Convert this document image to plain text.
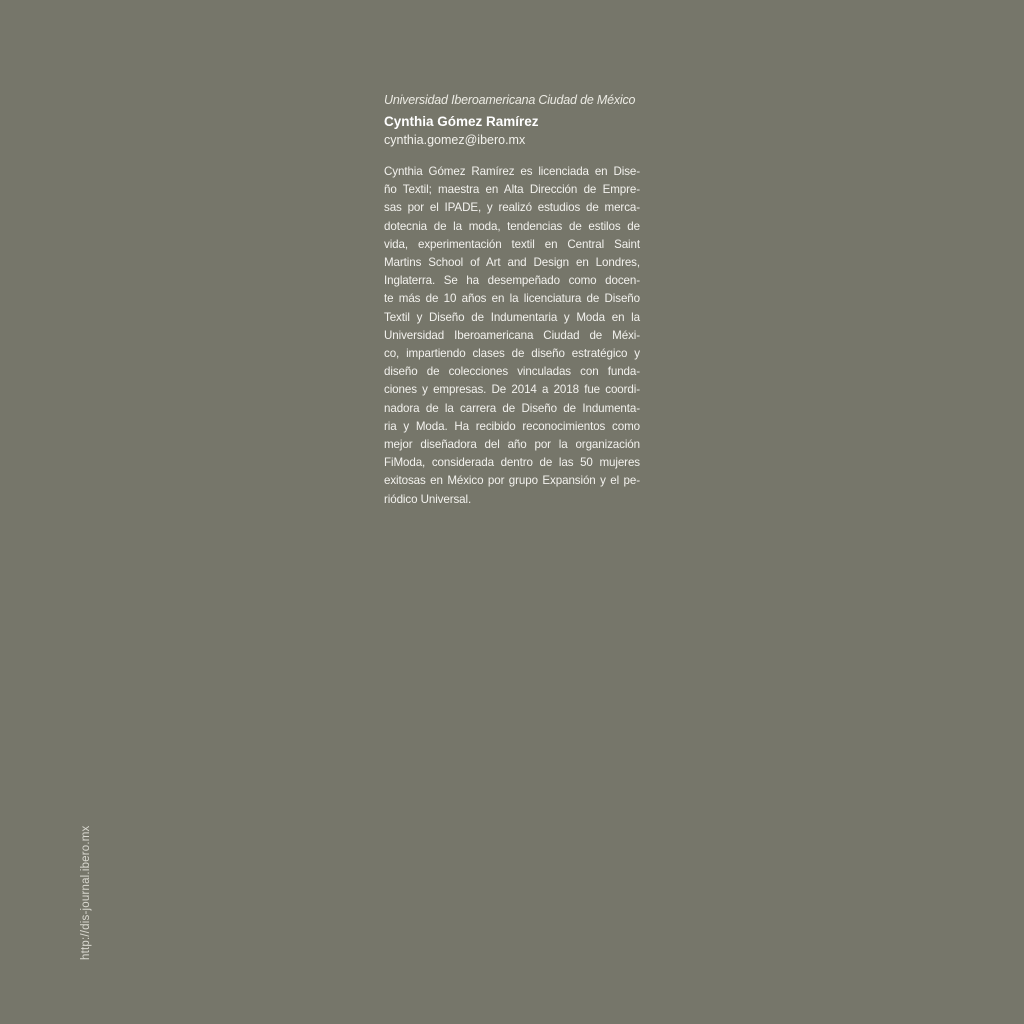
Universidad Iberoamericana Ciudad de México
Cynthia Gómez Ramírez
cynthia.gomez@ibero.mx
Cynthia Gómez Ramírez es licenciada en Dise-
ño Textil; maestra en Alta Dirección de Empre-
sas por el IPADE, y realizó estudios de merca-
dotecnia de la moda, tendencias de estilos de
vida, experimentación textil en Central Saint
Martins School of Art and Design en Londres,
Inglaterra. Se ha desempeñado como docen-
te más de 10 años en la licenciatura de Diseño
Textil y Diseño de Indumentaria y Moda en la
Universidad Iberoamericana Ciudad de Méxi-
co, impartiendo clases de diseño estratégico y
diseño de colecciones vinculadas con funda-
ciones y empresas. De 2014 a 2018 fue coordi-
nadora de la carrera de Diseño de Indumenta-
ria y Moda. Ha recibido reconocimientos como
mejor diseñadora del año por la organización
FiModa, considerada dentro de las 50 mujeres
exitosas en México por grupo Expansión y el pe-
riódico Universal.
http://dis-journal.ibero.mx
